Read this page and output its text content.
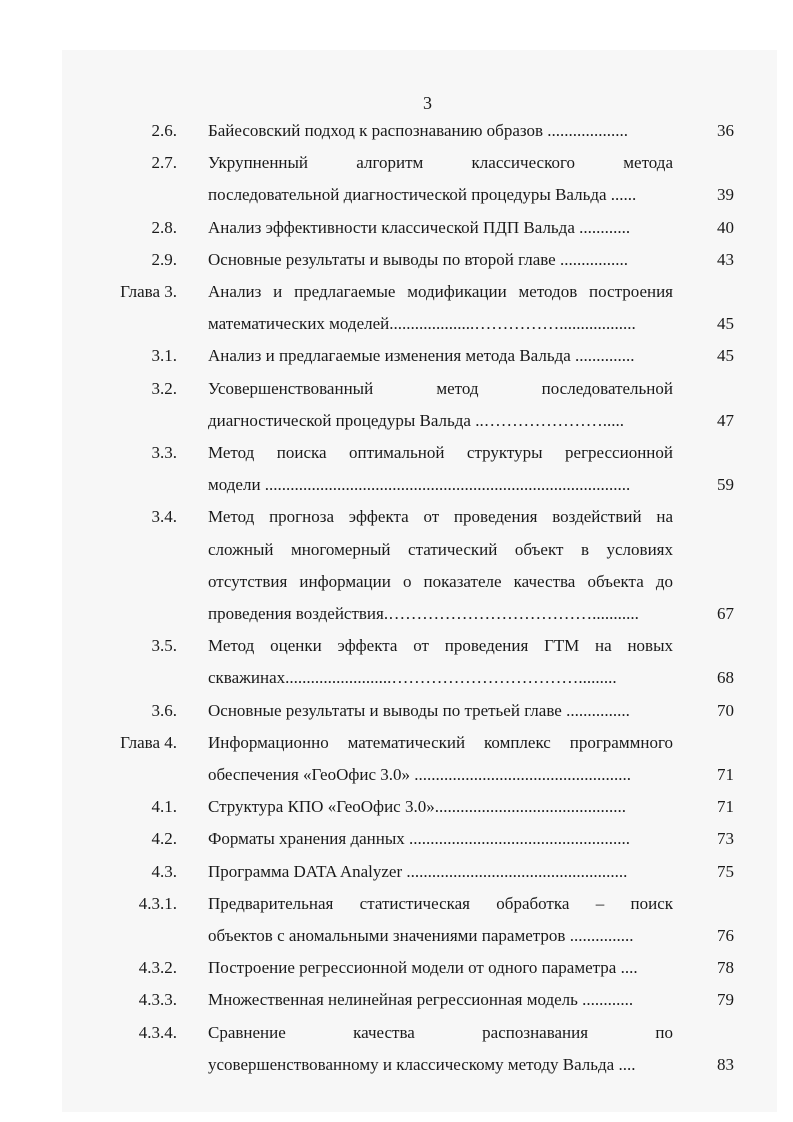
3
2.6. Байесовский подход к распознаванию образов ...................	36
2.7. Укрупненный алгоритм классического метода
последовательной диагностической процедуры Вальда ......	39
2.8. Анализ эффективности классической ПДП Вальда ............	40
2.9. Основные результаты и выводы по второй главе ................	43
Глава 3. Анализ и предлагаемые модификации методов построения
математических моделей....................……………..................	45
3.1. Анализ и предлагаемые изменения метода Вальда ..............	45
3.2. Усовершенствованный метод последовательной
диагностической процедуры Вальда ..………………….....	47
3.3. Метод поиска оптимальной структуры регрессионной
модели ......................................................................................	59
3.4. Метод прогноза эффекта от проведения воздействий на
сложный многомерный статический объект в условиях
отсутствия информации о показателе качества объекта до
проведения воздействия.………………………………...........	67
3.5. Метод оценки эффекта от проведения ГТМ на новых
скважинах.........................…………………………….........	68
3.6. Основные результаты и выводы по третьей главе ...............	70
Глава 4. Информационно математический комплекс программного
обеспечения «ГеоОфис 3.0» ...................................................	71
4.1. Структура КПО «ГеоОфис 3.0».............................................	71
4.2. Форматы хранения данных ....................................................	73
4.3. Программа DATA Analyzer ....................................................	75
4.3.1. Предварительная статистическая обработка – поиск
объектов с аномальными значениями параметров ...............	76
4.3.2. Построение регрессионной модели от одного параметра ....	78
4.3.3. Множественная нелинейная регрессионная модель ............	79
4.3.4. Сравнение качества распознавания по
усовершенствованному и классическому методу Вальда ....	83
